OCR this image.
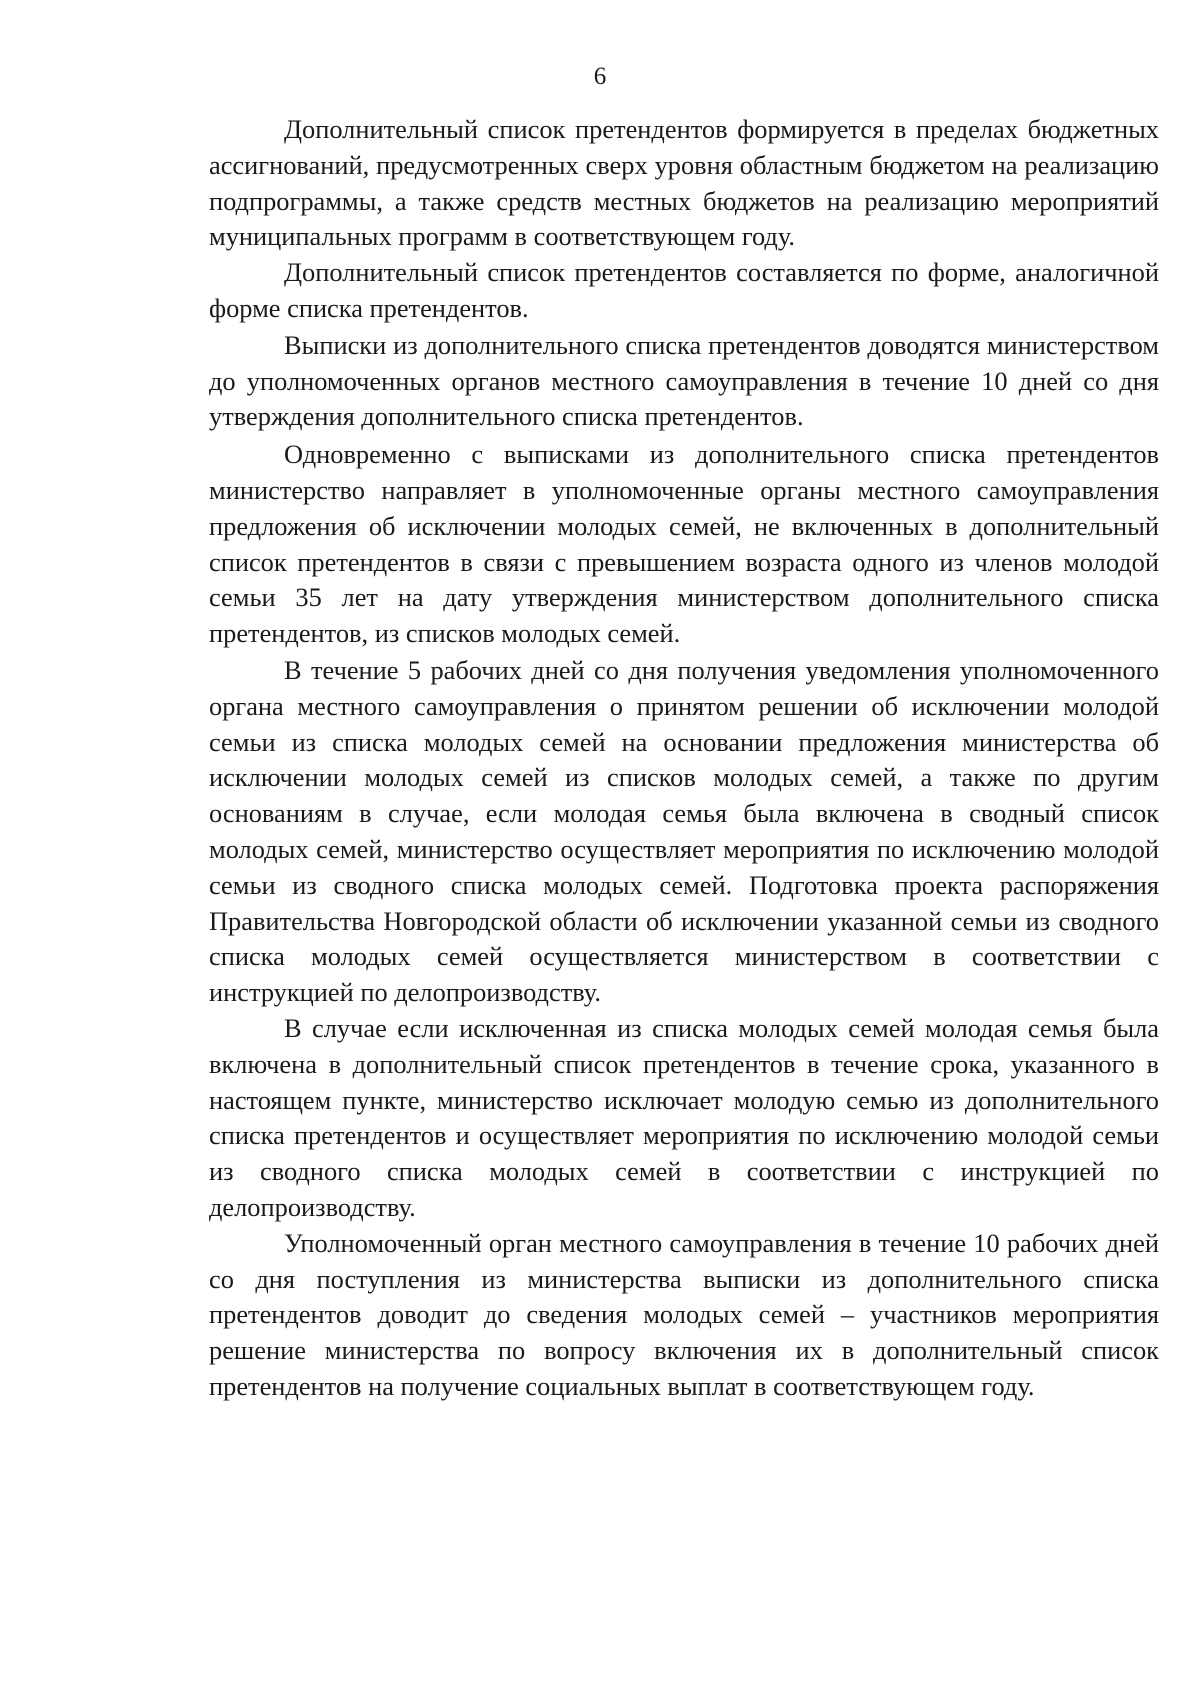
6

Дополнительный список претендентов формируется в пределах бюджетных ассигнований, предусмотренных сверх уровня областным бюджетом на реализацию подпрограммы, а также средств местных бюджетов на реализацию мероприятий муниципальных программ в соответствующем году.

Дополнительный список претендентов составляется по форме, аналогичной форме списка претендентов.

Выписки из дополнительного списка претендентов доводятся министерством до уполномоченных органов местного самоуправления в течение 10 дней со дня утверждения дополнительного списка претендентов.

Одновременно с выписками из дополнительного списка претендентов министерство направляет в уполномоченные органы местного самоуправления предложения об исключении молодых семей, не включенных в дополнительный список претендентов в связи с превышением возраста одного из членов молодой семьи 35 лет на дату утверждения министерством дополнительного списка претендентов, из списков молодых семей.

В течение 5 рабочих дней со дня получения уведомления уполномоченного органа местного самоуправления о принятом решении об исключении молодой семьи из списка молодых семей на основании предложения министерства об исключении молодых семей из списков молодых семей, а также по другим основаниям в случае, если молодая семья была включена в сводный список молодых семей, министерство осуществляет мероприятия по исключению молодой семьи из сводного списка молодых семей. Подготовка проекта распоряжения Правительства Новгородской области об исключении указанной семьи из сводного списка молодых семей осуществляется министерством в соответствии с инструкцией по делопроизводству.

В случае если исключенная из списка молодых семей молодая семья была включена в дополнительный список претендентов в течение срока, указанного в настоящем пункте, министерство исключает молодую семью из дополнительного списка претендентов и осуществляет мероприятия по исключению молодой семьи из сводного списка молодых семей в соответствии с инструкцией по делопроизводству.

Уполномоченный орган местного самоуправления в течение 10 рабочих дней со дня поступления из министерства выписки из дополнительного списка претендентов доводит до сведения молодых семей – участников мероприятия решение министерства по вопросу включения их в дополнительный список претендентов на получение социальных выплат в соответствующем году.
